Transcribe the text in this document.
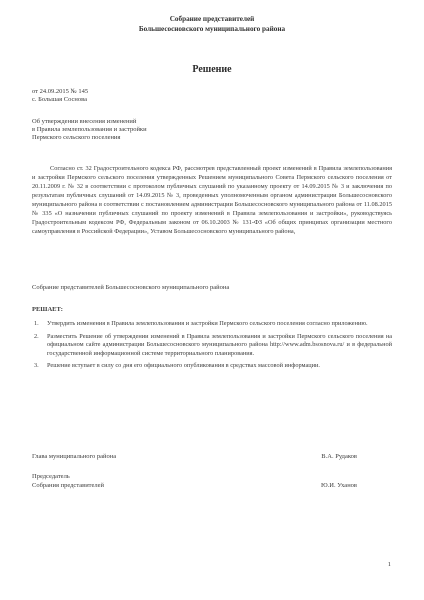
Собрание представителей
Большесосновского муниципального района
Решение
от 24.09.2015 № 145
с. Большая Соснова
Об утверждении внесения изменений
в Правила землепользования и застройки
Пермского сельского поселения
Согласно ст. 32 Градостроительного кодекса РФ, рассмотрев представленный проект изменений в Правила землепользования и застройки Пермского сельского поселения утвержденных Решением муниципального Совета Пермского сельского поселения от 20.11.2009 г. № 32 в соответствии с протоколом публичных слушаний по указанному проекту от 14.09.2015 № 3 и заключения по результатам публичных слушаний от 14.09.2015 № 3, проведенных уполномоченным органом администрации Большесосновского муниципального района в соответствии с постановлением администрации Большесосновского муниципального района от 11.08.2015 № 335 «О назначении публичных слушаний по проекту изменений в Правила землепользования и застройки», руководствуясь Градостроительным кодексом РФ, Федеральным законом от 06.10.2003 № 131-ФЗ «Об общих принципах организации местного самоуправления в Российской Федерации», Уставом Большесосновского муниципального района,
Собрание представителей Большесосновского муниципального района
РЕШАЕТ:
1. Утвердить изменения в Правила землепользования и застройки Пермского сельского поселения согласно приложению.
2. Разместить Решение об утверждении изменений в Правила землепользования и застройки Пермского сельского поселения на официальном сайте администрации Большесосновского муниципального района http://www.adm.bsosnova.ru/ и в федеральной государственной информационной системе территориального планирования.
3. Решение вступает в силу со дня его официального опубликования в средствах массовой информации.
Глава муниципального района	В.А. Рудаков
Председатель
Собрания представителей	Ю.И. Уханов
1
